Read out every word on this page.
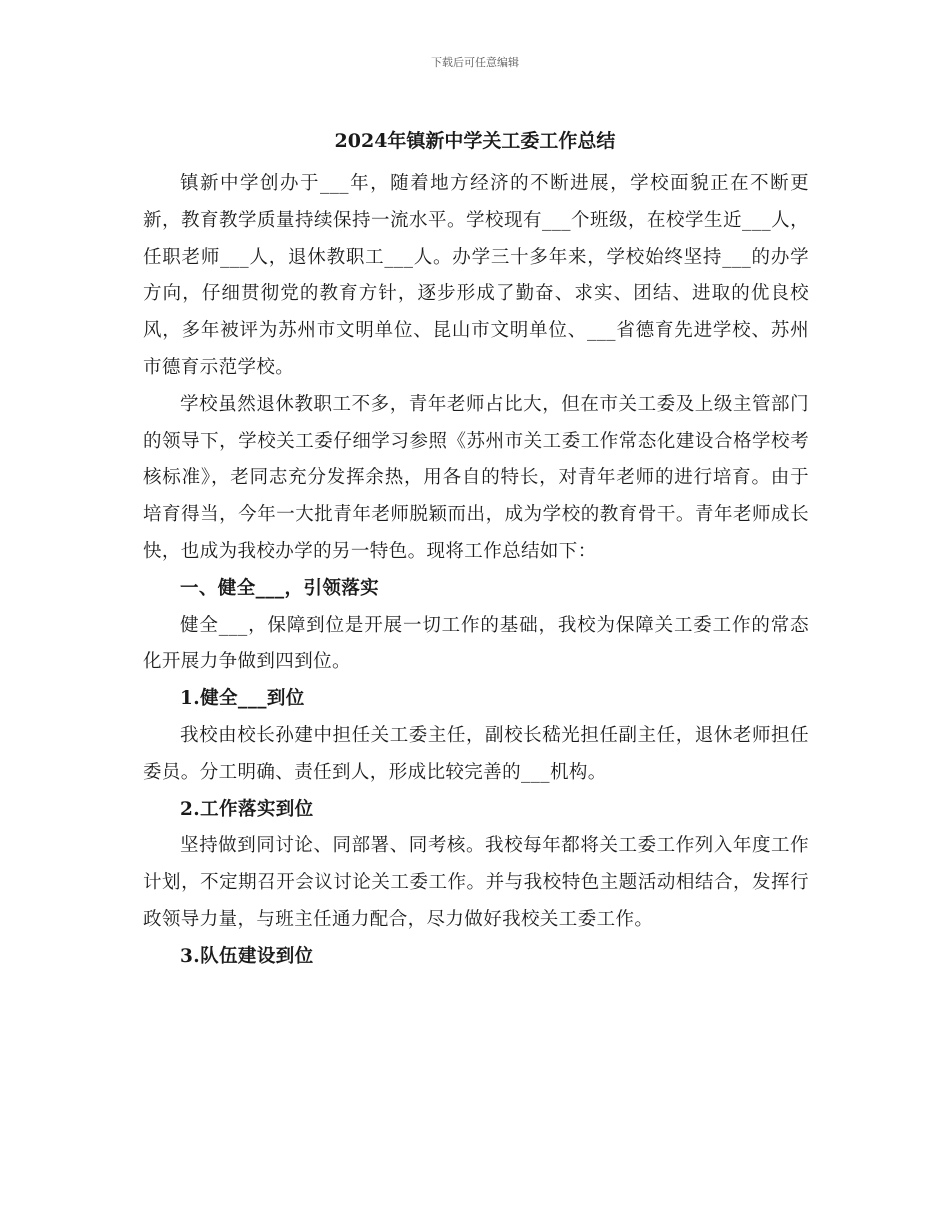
下载后可任意编辑
2024年镇新中学关工委工作总结

镇新中学创办于___年，随着地方经济的不断进展，学校面貌正在不断更新，教育教学质量持续保持一流水平。学校现有___个班级，在校学生近___人，任职老师___人，退休教职工___人。办学三十多年来，学校始终坚持___的办学方向，仔细贯彻党的教育方针，逐步形成了勤奋、求实、团结、进取的优良校风，多年被评为苏州市文明单位、昆山市文明单位、___省德育先进学校、苏州市德育示范学校。

学校虽然退休教职工不多，青年老师占比大，但在市关工委及上级主管部门的领导下，学校关工委仔细学习参照《苏州市关工委工作常态化建设合格学校考核标准》，老同志充分发挥余热，用各自的特长，对青年老师的进行培育。由于培育得当，今年一大批青年老师脱颖而出，成为学校的教育骨干。青年老师成长快，也成为我校办学的另一特色。现将工作总结如下：

一、健全___，引领落实

健全___，保障到位是开展一切工作的基础，我校为保障关工委工作的常态化开展力争做到四到位。

1.健全___到位

我校由校长孙建中担任关工委主任，副校长嵇光担任副主任，退休老师担任委员。分工明确、责任到人，形成比较完善的___机构。

2.工作落实到位

坚持做到同讨论、同部署、同考核。我校每年都将关工委工作列入年度工作计划，不定期召开会议讨论关工委工作。并与我校特色主题活动相结合，发挥行政领导力量，与班主任通力配合，尽力做好我校关工委工作。

3.队伍建设到位
